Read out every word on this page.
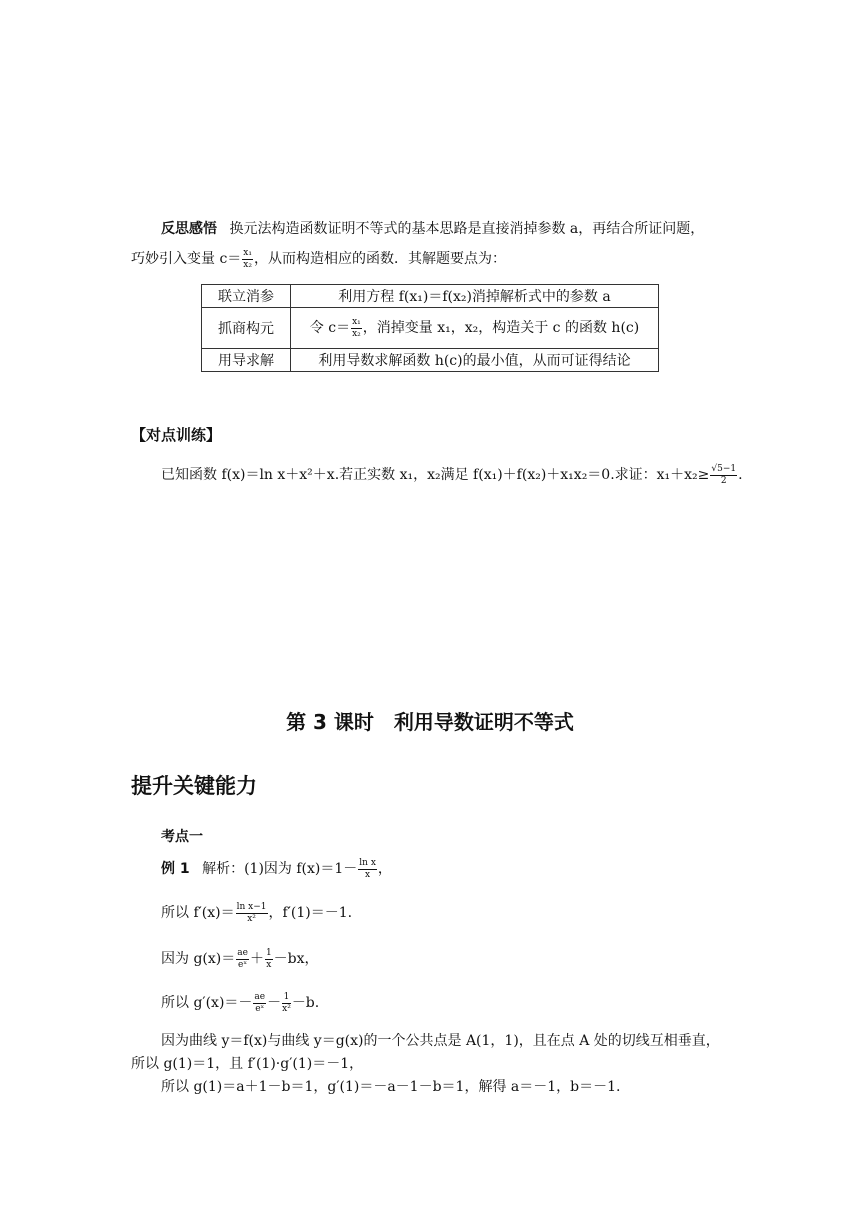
反思感悟 换元法构造函数证明不等式的基本思路是直接消掉参数 a，再结合所证问题，
巧妙引入变量 $c= \frac{\text{x₁}}{\text{x₂}}$ ，从而构造相应的函数．其解题要点为：
联立消参	利用方程 f(x₁)＝f(x₂)消掉解析式中的参数 a
抓商构元	令 $c= \frac{\text{x₁}}{\text{x₂}}$ ，消掉变量 x₁，x₂，构造关于 c 的函数 h(c)
用导求解	利用导数求解函数 h(c)的最小值，从而可证得结论
【对点训练】
已知函数 f(x)＝ln x＋x²＋x.若正实数 x₁，x₂满足 f(x₁)＋f(x₂)＋x₁x₂＝0.求证：$x_1+x_2\ge \frac{√5-1}{2}$ .
第 3 课时　利用导数证明不等式
提升关键能力
考点一
例 1 解析：(1)因为 $f(x)=1- \frac{\text{ln x}}{x}$ ，
所以 $f'(x)= \frac{\text{ln x−1}}{\text{x²}}$ ，f′(1)＝－1.
因为 $g(x)= \frac{ae}{\text{eˣ}} + \frac{1}{x} -bx$，
所以 $g'(x)=- \frac{ae}{\text{eˣ}} - \frac{1}{\text{x²}} -b$.
因为曲线 y＝f(x)与曲线 y＝g(x)的一个公共点是 A(1，1)，且在点 A 处的切线互相垂直，
所以 g(1)＝1，且 f′(1)·g′(1)＝－1，
所以 g(1)＝a＋1－b＝1，g′(1)＝－a－1－b＝1，解得 a＝－1，b＝－1.
